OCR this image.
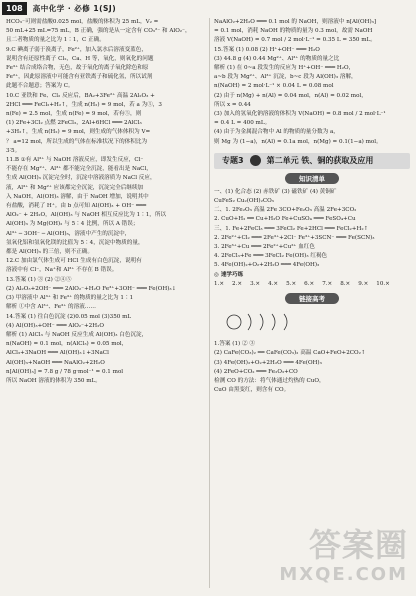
108	高中化学 · 必修 1(SJ)
HCO₃⁻可则需盐酸0.025 mol，盐酸的体积为 25 mL，V₂ =
50 mL+25 mL=75 mL，B 正确，强的是从一定含有 CO₃²⁻ 和 AlO₂⁻，
且二者物质的量之比为 1∶1，C 正确。
9.C 碘离子弱于溴离子，Fe²⁺，加入氯水后溶液变蓝色，
说明含有还原性离子 Cl₂，Ca、H 等，氧化，则氧化的问题
Fe³⁺ 结合成络合物，无色，故于氧化的离子氧化除色和原
Fe²⁺，因此原溶液中可能含有亚铁离子和硫化氢，所以试剂
此题不合题意；答案为 C。
10.C 亚铁和 Fe、Cl₂ 反应后，BA₂+3Fe²⁺ 高温 2Al₂O₃ +
2HCl ═══ FeCl₂+H₂↑，生成 n(H₂) = 9 mol，若 a 为⑤，3
n(Fe) = 2.5 mol，生成 n(Fe) = 9 mol，若有⑤，则
(1) 2Fe+3Cl₂ 点燃 2FeCl₃，2Al+6HCl ═══ 2AlCl₃
+3H₂↑，生成 n(H₂) = 9 mol，则生成的气体体积为 V=
？ a=12 mol，所以生成的气体在标准状况下的体积比为
3∶5。
11.B ①有 Al³⁺ 与 NaOH 溶液反应，即发生反应，Cl⁻
不能存在 Mg²⁺、Al³⁺ 都不能完全沉淀，能看出是 NaCl，
生成 Al(OH)₃ 沉淀完全时，沉淀中溶液溶质为 NaCl 反应，
液，Al³⁺ 和 Mg²⁺ 应该都完全沉淀，沉淀完全后继续加
入 NaOH，Al(OH)₃ 溶解，由于 NaOH 增加，说明其中
有盐酸，消耗了 H⁺。由 b 点可知 Al(OH)₃ + OH⁻ ═══
AlO₂⁻ + 2H₂O，Al(OH)₃ 与 NaOH 相互反应比为 1∶1，所以
Al(OH)₃ 为 Mg(OH)₂ 与 5∶4 比例，所以 A 错误；
Al³⁺ ─ 3OH⁻ ─ Al(OH)₃，溶液中产生的沉淀中，
氢氧化铝和氢氧化镁的比值为 5∶4，沉淀中物质的量，
都是 Al(OH)₃ 的三倍，则不正确。
12.C 加由氯气体生成可 HCl 生成有白色沉淀，说明有
溶液中有 Cl⁻，Na⁺和 Al³⁺ 不存在 B 错误。
13.答案 (1) ③ (2) ②④⑤
(2) Al₂O₃+2OH⁻ ═══ 2AlO₂⁻+H₂O Fe³⁺+3OH⁻ ═══ Fe(OH)₃↓
(3) 甲溶液中 Al³⁺ 和 Fe³⁺ 的物质的量之比为 1∶1
解析 ①中含 Al³⁺、Fe³⁺ 的溶液……
14.答案 (1) 往白色沉淀 (2)0.05 mol (3)350 mL
(4) Al(OH)₃+OH⁻ ═══ AlO₂⁻+2H₂O
解析 (1) AlCl₃ 与 NaOH 反应生成 Al(OH)₃ 白色沉淀，
n(NaOH) = 0.1 mol，n(AlCl₃) = 0.05 mol，
AlCl₃+3NaOH ═══ Al(OH)₃↓+3NaCl
Al(OH)₃+NaOH ═══ NaAlO₂+2H₂O
n[Al(OH)₃] = 7.8 g / 78 g·mol⁻¹ = 0.1 mol
所以 NaOH 溶液的体积为 350 mL。
NaAlO₂+2H₂O ═══ 0.1 mol 的 NaOH，则溶液中 n[Al(OH)₃]
= 0.1 mol，消耗 NaOH 的物质的量为 0.3 mol，故需 NaOH
溶液 V(NaOH) = 0.7 mol / 2 mol·L⁻¹ = 0.35 L = 350 mL。
15.答案 (1) 0.08 (2) H⁺+OH⁻ ═══ H₂O
(3) 44.8 g (4) 0.44 Mg²⁺、Al³⁺ 的物质的量之比
解析 (1) 在 0~a 段发生的反应为 H⁺+OH⁻ ═══ H₂O，
a~b 段为 Mg²⁺、Al³⁺ 沉淀，b~c 段为 Al(OH)₃ 溶解，
n(NaOH) = 2 mol·L⁻¹ × 0.04 L = 0.08 mol
(2) 由于 n(Mg) + n(Al) = 0.04 mol，n(Al) = 0.02 mol，
所以 x = 0.44
(3) 加入的氢氧化钠溶液的体积为 V(NaOH) = 0.8 mol / 2 mol·L⁻¹
= 0.4 L = 400 mL。
(4) 由于为金属混合物中 Al 的物质的量分数为 a，
则 Mg 为 (1−a)，n(Al) = 0.1a mol，n(Mg) = 0.1(1−a) mol。
专题3	第二单元 铁、铜的获取及应用
知识清单
一、(1) 化合态 (2) 赤铁矿 (3) 磁铁矿 (4) 黄铜矿
CuFeS₂ Cu₂(OH)₂CO₃
二、1. 2Fe₂O₃ 高温 2Fe 3CO+Fe₂O₃ 高温 2Fe+3CO₂
2. CuO+H₂ ══ Cu+H₂O Fe+CuSO₄ ═══ FeSO₄+Cu
三、1. Fe+2FeCl₃ ═══ 3FeCl₂ Fe+2HCl ═══ FeCl₂+H₂↑
2. 2Fe²⁺+Cl₂ ═══ 2Fe³⁺+2Cl⁻ Fe³⁺+3SCN⁻ ═══ Fe(SCN)₃
3. 2Fe³⁺+Cu ═══ 2Fe²⁺+Cu²⁺ 血红色
4. 2FeCl₃+Fe ═══ 3FeCl₂ Fe(OH)₃ 红褐色
5. 4Fe(OH)₂+O₂+2H₂O ═══ 4Fe(OH)₃
◎ 速学巧练
1.× 2.× 3.× 4.× 5.× 6.× 7.× 8.× 9.× 10.×
链接高考
1.答案 (1) ② ③
(2) CaFe(CO₃)₂ ══ CaFe(CO₃)₂ 高温 CaO+FeO+2CO₂↑
(3) 4Fe(OH)₂+O₂+2H₂O ═══ 4Fe(OH)₃
(4) 2FeO+CO₂ ═══ Fe₂O₃+CO
检测 CO 的方法：将气体通过灼热的 CuO，
CuO 由黑变红，则含有 CO。
答案圈
MXQE.COM
